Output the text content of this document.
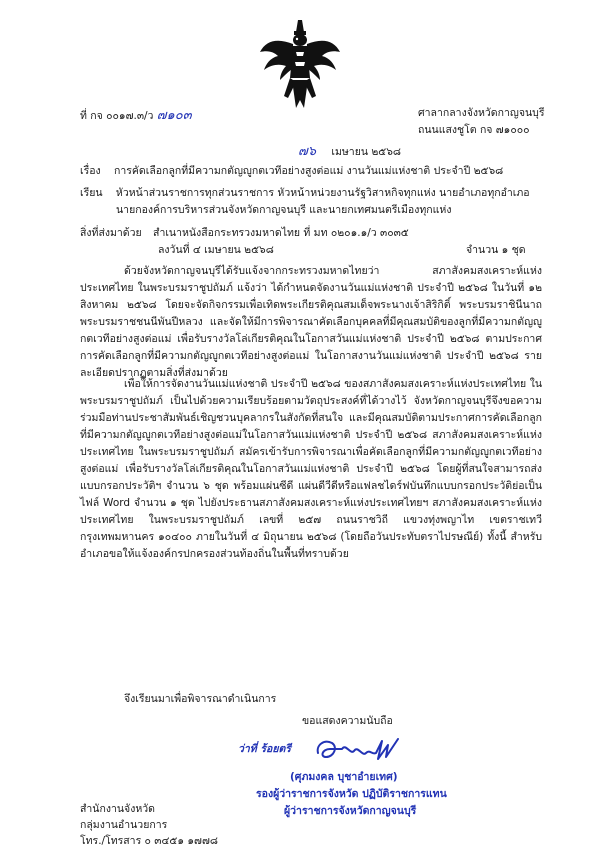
ที่ กจ ๐๐๑๗.๓/ว ๗๑๐๓	ศาลากลางจังหวัดกาญจนบุรี
ถนนแสงชูโต กจ ๗๑๐๐๐
๗๖ เมษายน ๒๕๖๘
เรื่อง การคัดเลือกลูกที่มีความกตัญญูกตเวทีอย่างสูงต่อแม่ งานวันแม่แห่งชาติ ประจำปี ๒๕๖๘
เรียน หัวหน้าส่วนราชการทุกส่วนราชการ หัวหน้าหน่วยงานรัฐวิสาหกิจทุกแห่ง นายอำเภอทุกอำเภอ
นายกองค์การบริหารส่วนจังหวัดกาญจนบุรี และนายกเทศมนตรีเมืองทุกแห่ง
สิ่งที่ส่งมาด้วย สำเนาหนังสือกระทรวงมหาดไทย ที่ มท ๐๒๐๑.๑/ว ๓๐๓๕
ลงวันที่ ๔ เมษายน ๒๕๖๘	จำนวน ๑ ชุด
ด้วยจังหวัดกาญจนบุรีได้รับแจ้งจากกระทรวงมหาดไทยว่า สภาสังคมสงเคราะห์แห่งประเทศไทย ในพระบรมราชูปถัมภ์ แจ้งว่า ได้กำหนดจัดงานวันแม่แห่งชาติ ประจำปี ๒๕๖๘ ในวันที่ ๑๒ สิงหาคม ๒๕๖๘ โดยจะจัดกิจกรรมเพื่อเทิดพระเกียรติคุณสมเด็จพระนางเจ้าสิริกิติ์ พระบรมราชินีนาถ พระบรมราชชนนีพันปีหลวง และจัดให้มีการพิจารณาคัดเลือกบุคคลที่มีคุณสมบัติของลูกที่มีความกตัญญูกตเวทีอย่างสูงต่อแม่ เพื่อรับรางวัลโล่เกียรติคุณในโอกาสวันแม่แห่งชาติ ประจำปี ๒๕๖๘ ตามประกาศการคัดเลือกลูกที่มีความกตัญญูกตเวทีอย่างสูงต่อแม่ ในโอกาสงานวันแม่แห่งชาติ ประจำปี ๒๕๖๘ รายละเอียดปรากฏตามสิ่งที่ส่งมาด้วย
เพื่อให้การจัดงานวันแม่แห่งชาติ ประจำปี ๒๕๖๘ ของสภาสังคมสงเคราะห์แห่งประเทศไทย ในพระบรมราชูปถัมภ์ เป็นไปด้วยความเรียบร้อยตามวัตถุประสงค์ที่ได้วางไว้ จังหวัดกาญจนบุรีจึงขอความร่วมมือท่านประชาสัมพันธ์เชิญชวนบุคลากรในสังกัดที่สนใจ และมีคุณสมบัติตามประกาศการคัดเลือกลูกที่มีความกตัญญูกตเวทีอย่างสูงต่อแม่ในโอกาสวันแม่แห่งชาติ ประจำปี ๒๕๖๘ สภาสังคมสงเคราะห์แห่งประเทศไทย ในพระบรมราชูปถัมภ์ สมัครเข้ารับการพิจารณาเพื่อคัดเลือกลูกที่มีความกตัญญูกตเวทีอย่างสูงต่อแม่ เพื่อรับรางวัลโล่เกียรติคุณในโอกาสวันแม่แห่งชาติ ประจำปี ๒๕๖๘ โดยผู้ที่สนใจสามารถส่งแบบกรอกประวัติฯ จำนวน ๖ ชุด พร้อมแผ่นซีดี แผ่นดีวีดีหรือแฟลชไดร์ฟบันทึกแบบกรอกประวัติย่อเป็นไฟล์ Word จำนวน ๑ ชุด ไปยังประธานสภาสังคมสงเคราะห์แห่งประเทศไทยฯ สภาสังคมสงเคราะห์แห่งประเทศไทย ในพระบรมราชูปถัมภ์ เลขที่ ๒๕๗ ถนนราชวิถี แขวงทุ่งพญาไท เขตราชเทวี กรุงเทพมหานคร ๑๐๔๐๐ ภายในวันที่ ๔ มิถุนายน ๒๕๖๘ (โดยถือวันประทับตราไปรษณีย์) ทั้งนี้ สำหรับอำเภอขอให้แจ้งองค์กรปกครองส่วนท้องถิ่นในพื้นที่ทราบด้วย
จึงเรียนมาเพื่อพิจารณาดำเนินการ
ขอแสดงความนับถือ
ว่าที่ ร้อยตรี
(ศุภมงคล บุชาอำยเทศ)
รองผู้ว่าราชการจังหวัด ปฏิบัติราชการแทน
ผู้ว่าราชการจังหวัดกาญจนบุรี
สำนักงานจังหวัด
กลุ่มงานอำนวยการ
โทร./โทรสาร ๐ ๓๔๕๑ ๑๗๗๘
